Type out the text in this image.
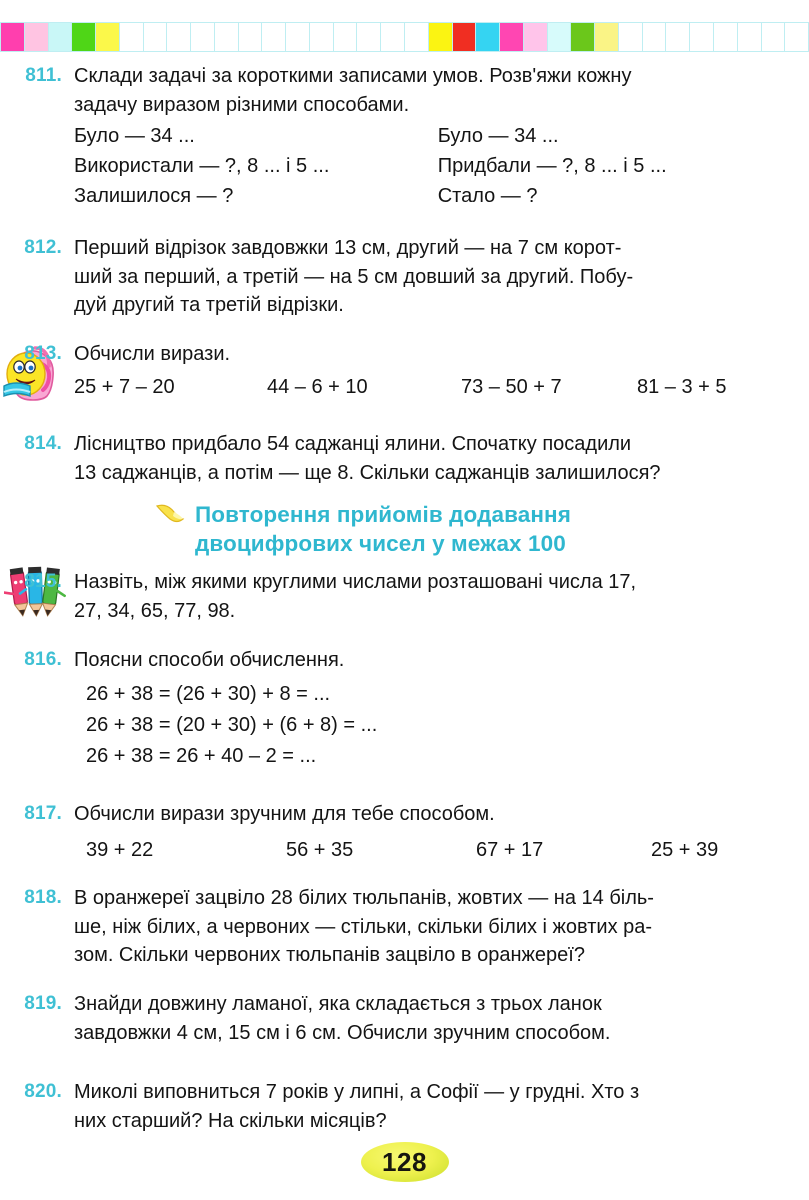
811. Склади задачі за короткими записами умов. Розв'яжи кожну
задачу виразом різними способами.
Було — 34 ...	Було — 34 ...
Використали — ?, 8 ... і 5 ...	Придбали — ?, 8 ... і 5 ...
Залишилося — ?	Стало — ?
812. Перший відрізок завдовжки 13 см, другий — на 7 см корот-
ший за перший, а третій — на 5 см довший за другий. Побу-
дуй другий та третій відрізки.
813. Обчисли вирази.
25 + 7 – 20	44 – 6 + 10	73 – 50 + 7	81 – 3 + 5
814. Лісництво придбало 54 саджанці ялини. Спочатку посадили
13 саджанців, а потім — ще 8. Скільки саджанців залишилося?
Повторення прийомів додавання
двоцифрових чисел у межах 100
815. Назвіть, між якими круглими числами розташовані числа 17,
27, 34, 65, 77, 98.
816. Поясни способи обчислення.
26 + 38 = (26 + 30) + 8 = ...
26 + 38 = (20 + 30) + (6 + 8) = ...
26 + 38 = 26 + 40 – 2 = ...
817. Обчисли вирази зручним для тебе способом.
39 + 22	56 + 35	67 + 17	25 + 39
818. В оранжереї зацвіло 28 білих тюльпанів, жовтих — на 14 біль-
ше, ніж білих, а червоних — стільки, скільки білих і жовтих ра-
зом. Скільки червоних тюльпанів зацвіло в оранжереї?
819. Знайди довжину ламаної, яка складається з трьох ланок
завдовжки 4 см, 15 см і 6 см. Обчисли зручним способом.
820. Миколі виповниться 7 років у липні, а Софії — у грудні. Хто з
них старший? На скільки місяців?
128
